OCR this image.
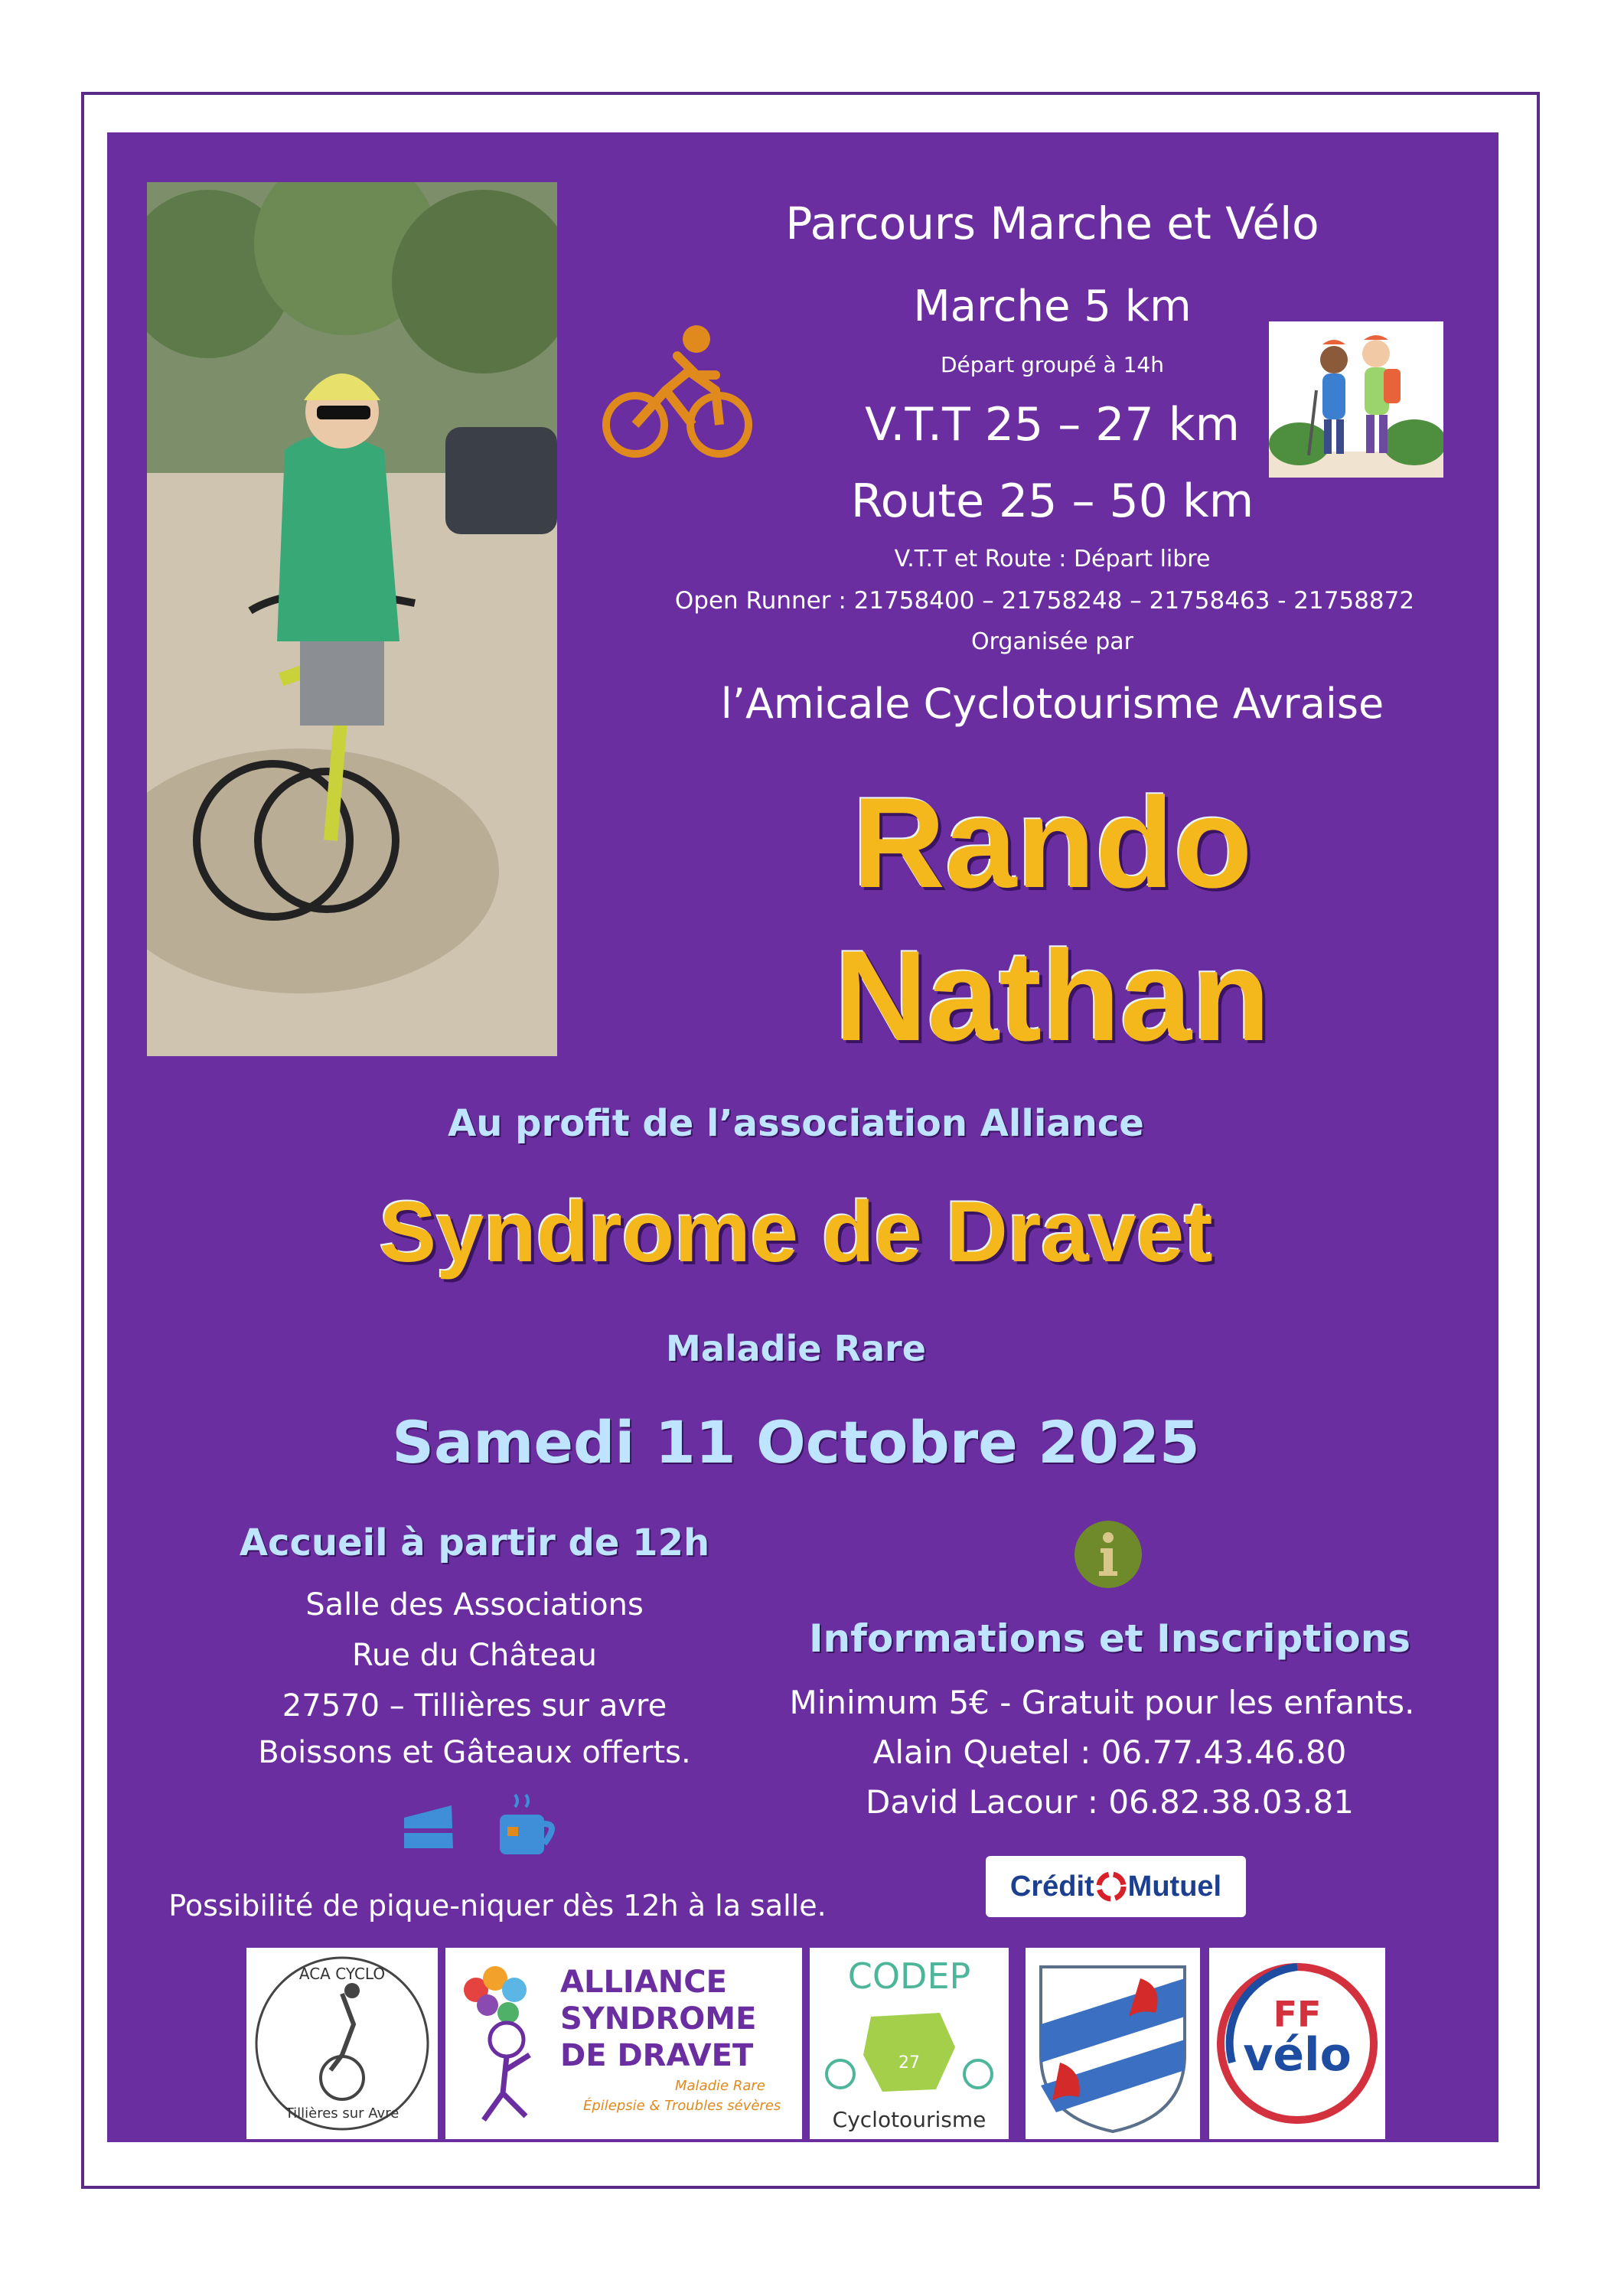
Parcours Marche et Vélo
Marche 5 km
Départ groupé à 14h
V.T.T 25 – 27 km
Route 25 – 50 km
V.T.T et Route : Départ libre
Open Runner : 21758400 – 21758248 – 21758463 - 21758872
Organisée par
l’Amicale Cyclotourisme Avraise
Rando
Nathan
Au profit de l’association Alliance
Syndrome de Dravet
Maladie Rare
Samedi 11 Octobre 2025
Accueil à partir de 12h
Salle des Associations
Rue du Château
27570 – Tillières sur avre
Boissons et Gâteaux offerts.
Possibilité de pique-niquer dès 12h à la salle.
Informations et Inscriptions
Minimum 5€ - Gratuit pour les enfants.
Alain Quetel : 06.77.43.46.80
David Lacour : 06.82.38.03.81
Crédit Mutuel
ACA CYCLO
Tillières sur Avre
ALLIANCE
SYNDROME
DE DRAVET
Maladie Rare
Épilepsie & Troubles sévères
CODEP
27
Cyclotourisme
FF
vélo
